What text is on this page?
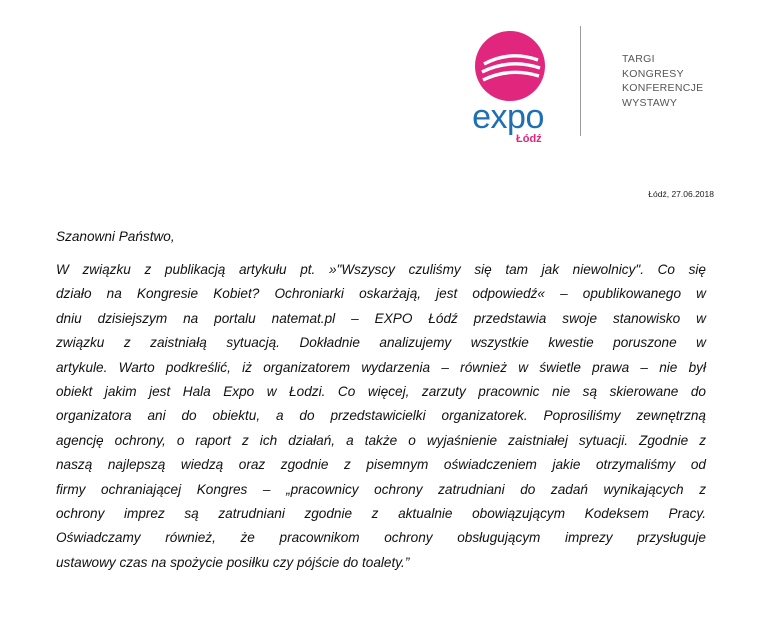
expo
Łódź
TARGI
KONGRESY
KONFERENCJE
WYSTAWY
Łódź, 27.06.2018
Szanowni Państwo,
W związku z publikacją artykułu pt. »"Wszyscy czuliśmy się tam jak niewolnicy". Co się
działo na Kongresie Kobiet? Ochroniarki oskarżają, jest odpowiedź« – opublikowanego w
dniu dzisiejszym na portalu natemat.pl – EXPO Łódź przedstawia swoje stanowisko w
związku z zaistniałą sytuacją. Dokładnie analizujemy wszystkie kwestie poruszone w
artykule. Warto podkreślić, iż organizatorem wydarzenia – również w świetle prawa – nie był
obiekt jakim jest Hala Expo w Łodzi. Co więcej, zarzuty pracownic nie są skierowane do
organizatora ani do obiektu, a do przedstawicielki organizatorek. Poprosiliśmy zewnętrzną
agencję ochrony, o raport z ich działań, a także o wyjaśnienie zaistniałej sytuacji. Zgodnie z
naszą najlepszą wiedzą oraz zgodnie z pisemnym oświadczeniem jakie otrzymaliśmy od
firmy ochraniającej Kongres – „pracownicy ochrony zatrudniani do zadań wynikających z
ochrony imprez są zatrudniani zgodnie z aktualnie obowiązującym Kodeksem Pracy.
Oświadczamy również, że pracownikom ochrony obsługującym imprezy przysługuje
ustawowy czas na spożycie posiłku czy pójście do toalety.”
